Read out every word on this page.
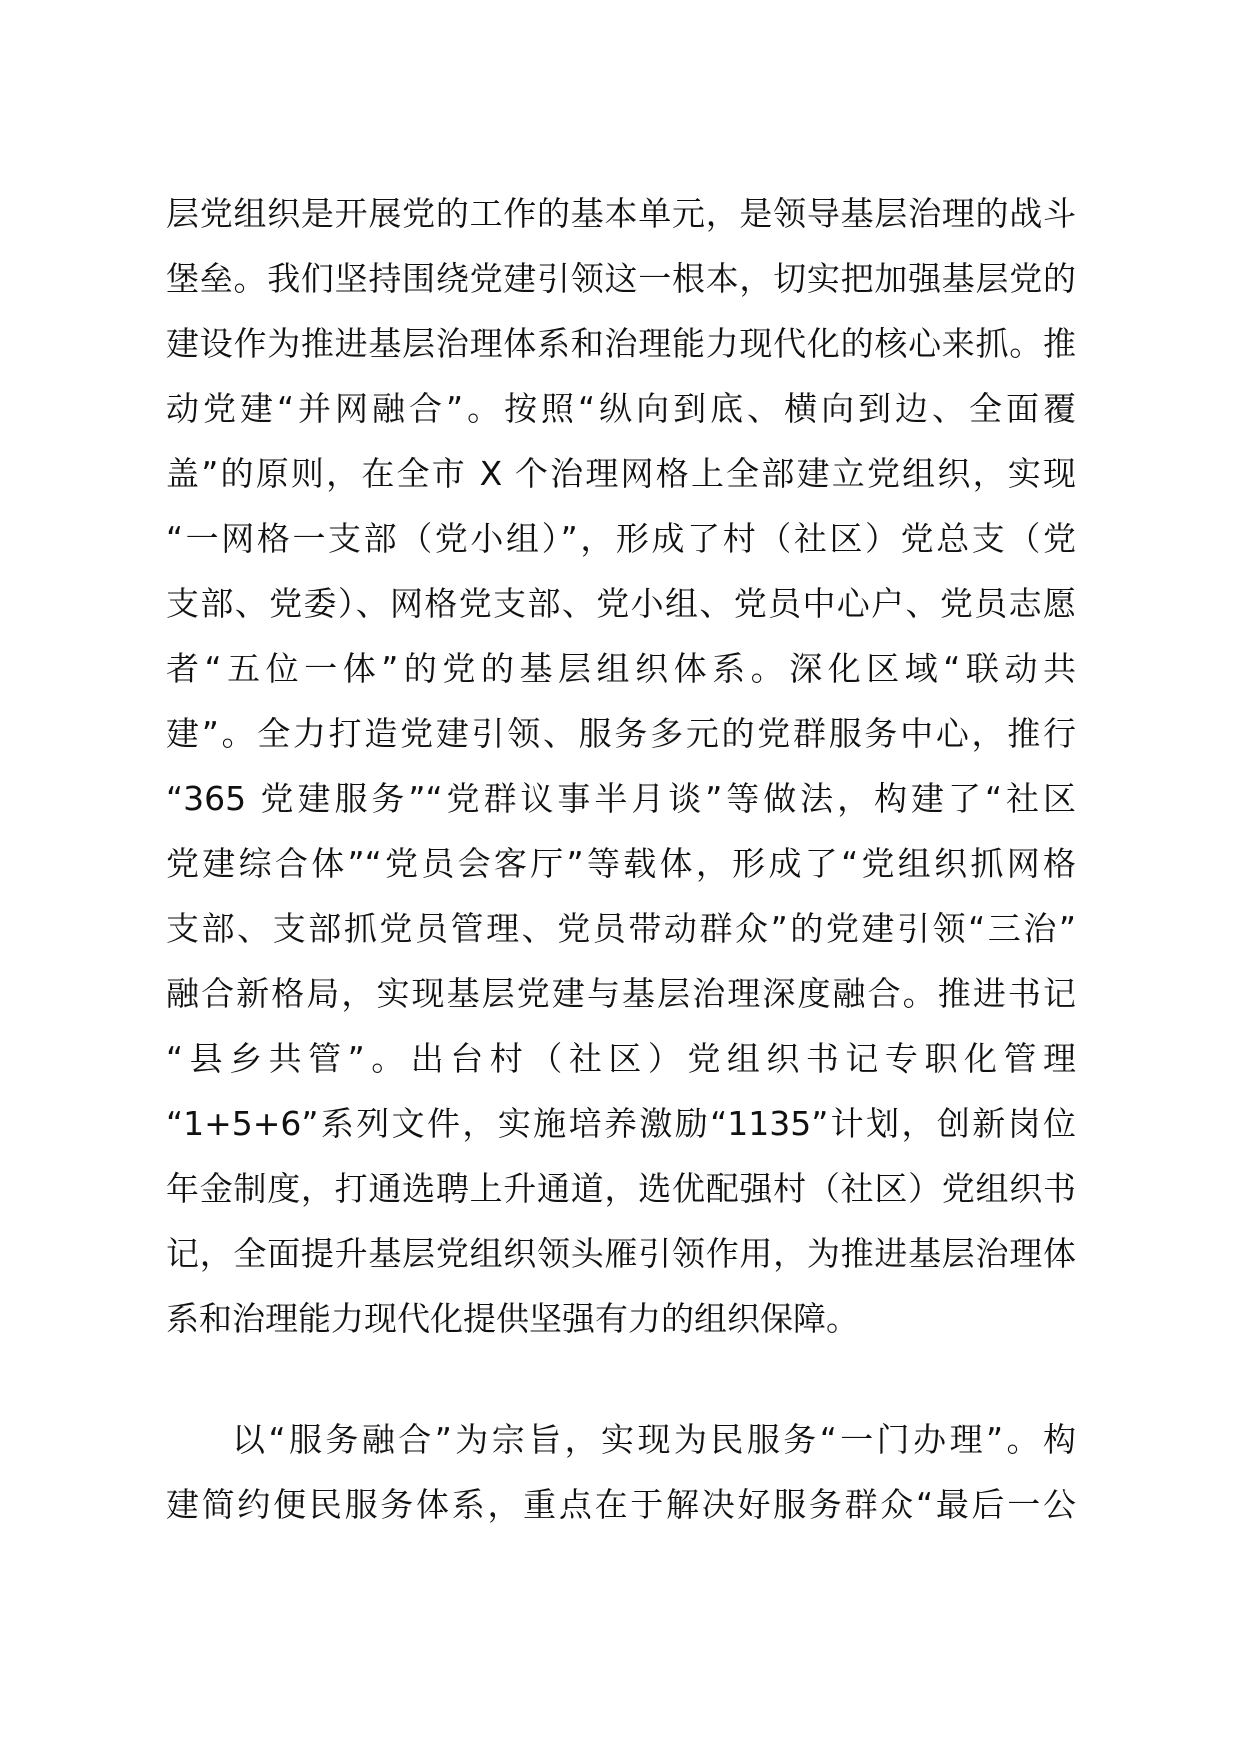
层党组织是开展党的工作的基本单元，是领导基层治理的战斗
堡垒。我们坚持围绕党建引领这一根本，切实把加强基层党的
建设作为推进基层治理体系和治理能力现代化的核心来抓。推
动党建“并网融合”。按照“纵向到底、横向到边、全面覆
盖”的原则，在全市 X 个治理网格上全部建立党组织，实现
“一网格一支部（党小组）”，形成了村（社区）党总支（党
支部、党委）、网格党支部、党小组、党员中心户、党员志愿
者“五位一体”的党的基层组织体系。深化区域“联动共
建”。全力打造党建引领、服务多元的党群服务中心，推行
“365 党建服务”“党群议事半月谈”等做法，构建了“社区
党建综合体”“党员会客厅”等载体，形成了“党组织抓网格
支部、支部抓党员管理、党员带动群众”的党建引领“三治”
融合新格局，实现基层党建与基层治理深度融合。推进书记
“县乡共管”。出台村（社区）党组织书记专职化管理
“1+5+6”系列文件，实施培养激励“1135”计划，创新岗位
年金制度，打通选聘上升通道，选优配强村（社区）党组织书
记，全面提升基层党组织领头雁引领作用，为推进基层治理体
系和治理能力现代化提供坚强有力的组织保障。
以“服务融合”为宗旨，实现为民服务“一门办理”。构
建简约便民服务体系，重点在于解决好服务群众“最后一公
